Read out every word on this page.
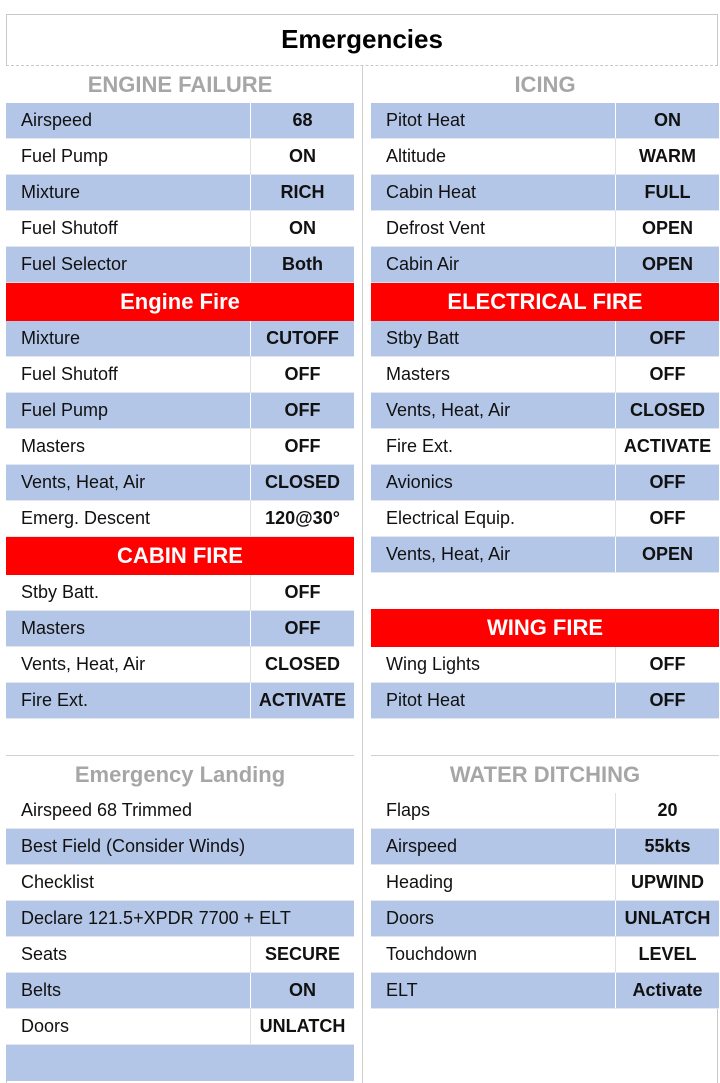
Emergencies
ENGINE FAILURE
Airspeed	68
Fuel Pump	ON
Mixture	RICH
Fuel Shutoff	ON
Fuel Selector	Both
Engine Fire
Mixture	CUTOFF
Fuel Shutoff	OFF
Fuel Pump	OFF
Masters	OFF
Vents, Heat, Air	CLOSED
Emerg. Descent	120@30°
CABIN FIRE
Stby Batt.	OFF
Masters	OFF
Vents, Heat, Air	CLOSED
Fire Ext.	ACTIVATE
Emergency Landing
Airspeed 68 Trimmed
Best Field (Consider Winds)
Checklist
Declare 121.5+XPDR 7700 + ELT
Seats	SECURE
Belts	ON
Doors	UNLATCH
ICING
Pitot Heat	ON
Altitude	WARM
Cabin Heat	FULL
Defrost Vent	OPEN
Cabin Air	OPEN
ELECTRICAL FIRE
Stby Batt	OFF
Masters	OFF
Vents, Heat, Air	CLOSED
Fire Ext.	ACTIVATE
Avionics	OFF
Electrical Equip.	OFF
Vents, Heat, Air	OPEN
WING FIRE
Wing Lights	OFF
Pitot Heat	OFF
WATER DITCHING
Flaps	20
Airspeed	55kts
Heading	UPWIND
Doors	UNLATCH
Touchdown	LEVEL
ELT	Activate
